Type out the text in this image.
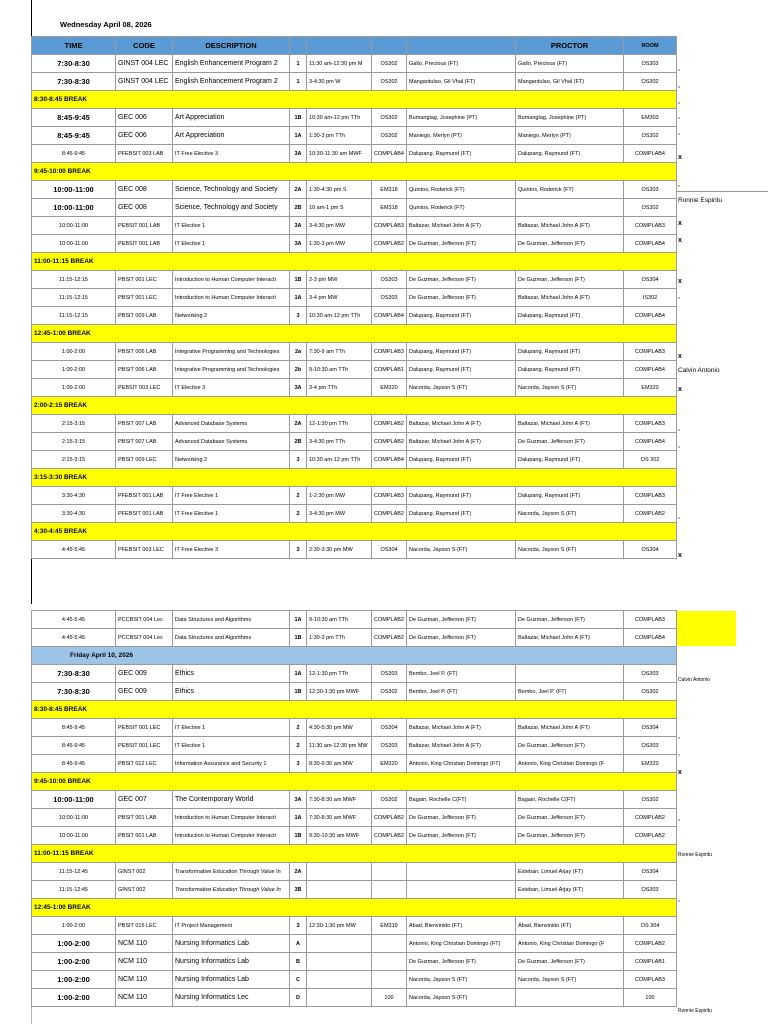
Wednesday April 08, 2026
TIME	CODE	DESCRIPTION					PROCTOR	ROOM
7:30-8:30	GINST 004 LEC	English Enhancement Program 2	1	11:30 am-12:30 pm M	OS302	Gallo, Precious (FT)	Gallo, Precious (FT)	OS303
7:30-8:30	GINST 004 LEC	English Enhancement Program 2	1	3-4:30 pm W	OS302	Mangantulao, Gil Vhal (FT)	Mangantulao, Gil Vhal (FT)	OS302
8:30-8:45 BREAK								
8:45-9:45	GEC 006	Art Appreciation	1B	10:30 am-12 pm TTh	OS302	Bumanglag, Josephine (PT)	Bumanglag, Josephine (PT)	EM303
8:45-9:45	GEC 006	Art Appreciation	1A	1:30-3 pm TTh	OS302	Maniego, Merlyn (PT)	Maniego, Merlyn (PT)	OS302
8:45-9:45	PFEBSIT 003 LAB	IT Free Elective 3	3A	10:30-11:30 am MWF	COMPLAB4	Dalupang, Raymund (FT)	Dalupang, Raymund (FT)	COMPLAB4
9:45-10:00 BREAK								
10:00-11:00	GEC 008	Science, Technology and Society	2A	1:30-4:30 pm S	EM318	Quintos, Roderick (FT)	Quintos, Roderick (FT)	OS303
10:00-11:00	GEC 008	Science, Technology and Society	2B	10 am-1 pm S	EM318	Quintos, Roderick (FT)		OS302
10:00-11:00	PEBSIT 001 LAB	IT Elective 1	3A	3-4:30 pm MW	COMPLAB3	Baltazar, Michael John A (FT)	Baltazar, Michael John A (FT)	COMPLAB3
10:00-11:00	PEBSIT 001 LAB	IT Elective 1	3A	1:30-3 pm MW	COMPLAB2	De Guzman, Jefferson (FT)	De Guzman, Jefferson (FT)	COMPLAB4
11:00-11:15 BREAK								
11:15-12:15	PBSIT 001 LEC	Introduction to Human Computer Interacti	1B	2-3 pm MW	OS303	De Guzman, Jefferson (FT)	De Guzman, Jefferson (FT)	OS304
11:15-12:15	PBSIT 001 LEC	Introduction to Human Computer Interacti	1A	3-4 pm MW	OS303	De Guzman, Jefferson (FT)	Baltazar, Michael John A (FT)	IS302
11:15-12:15	PBSIT 009 LAB	Networking 2	3	10:30 am-12 pm TTh	COMPLAB4	Dalupang, Raymund (FT)	Dalupang, Raymund (FT)	COMPLAB4
12:45-1:00 BREAK								
1:00-2:00	PBSIT 006 LAB	Integrative Programming and Technologies	2a	7:30-9 am TTh	COMPLAB3	Dalupang, Raymund (FT)	Dalupang, Raymund (FT)	COMPLAB3
1:00-2:00	PBSIT 006 LAB	Integrative Programming and Technologies	2b	9-10:30 am TTh	COMPLAB1	Dalupang, Raymund (FT)	Dalupang, Raymund (FT)	COMPLAB4
1:00-2:00	PEBSIT 003 LEC	IT Elective 3	3A	3-4 pm TTh	EM320	Nacorda, Jayson S (FT)	Nacorda, Jayson S (FT)	EM320
2:00-2:15 BREAK								
2:15-3:15	PBSIT 007 LAB	Advanced Database Systems	2A	12-1:30 pm TTh	COMPLAB2	Baltazar, Michael John A (FT)	Baltazar, Michael John A (FT)	COMPLAB3
2:15-3:15	PBSIT 007 LAB	Advanced Database Systems	2B	3-4:30 pm TTh	COMPLAB2	Baltazar, Michael John A (FT)	De Guzman, Jefferson (FT)	COMPLAB4
2:15-3:15	PBSIT 009 LEC	Networking 2	3	10:30 am-12 pm TTh	COMPLAB4	Dalupang, Raymund (FT)	Dalupang, Raymund (FT)	OS 302
3:15-3:30 BREAK								
3:30-4:30	PFEBSIT 001 LAB	IT Free Elective 1	2	1-2:30 pm MW	COMPLAB3	Dalupang, Raymund (FT)	Dalupang, Raymund (FT)	COMPLAB3
3:30-4:30	PFEBSIT 001 LAB	IT Free Elective 1	2	3-4:30 pm MW	COMPLAB2	Dalupang, Raymund (FT)	Nacorda, Jayson S (FT)	COMPLAB2
4:30-4:45 BREAK								
4:45-5:45	PFEBSIT 003 LEC	IT Free Elective 3	3	2:30-3:30 pm MW	OS304	Nacorda, Jayson S (FT)	Nacorda, Jayson S (FT)	OS304
4:45-5:45	PCCBSIT 004 Lec	Data Structures and Algorithms	1A	9-10:30 am TTh	COMPLAB2	De Guzman, Jefferson (FT)	De Guzman, Jefferson (FT)	COMPLAB3
4:45-5:45	PCCBSIT 004 Lec	Data Structures and Algorithms	1B	1:30-3 pm TTh	COMPLAB2	De Guzman, Jefferson (FT)	Baltazar, Michael John A (FT)	COMPLAB4
Friday April 10, 2026								
7:30-8:30	GEC 009	Ethics	1A	12-1:30 pm TTh	OS303	Bembo, Joel P. (FT)		OS303
7:30-8:30	GEC 009	Ethics	1B	12:30-1:30 pm MWF	OS302	Bembo, Joel P. (FT)	Bembo, Joel P. (FT)	OS302
8:30-8:45 BREAK								
8:45-9:45	PEBSIT 001 LEC	IT Elective 1	2	4:30-5:30 pm MW	OS304	Baltazar, Michael John A (FT)	Baltazar, Michael John A (FT)	OS304
8:45-9:45	PEBSIT 001 LEC	IT Elective 1	2	11:30 am-12:30 pm MW	OS303	Baltazar, Michael John A (FT)	De Guzman, Jefferson (FT)	OS303
8:45-9:45	PBSIT 012 LEC	Information Assurance and Security 1	3	8:30-9:30 am MW	EM320	Antonio, King Christian Domingo (FT)	Antonio, King Christian Domingo (F	EM320
9:45-10:00 BREAK								
10:00-11:00	GEC 007	The Contemporary World	3A	7:30-8:30 am MWF	OS302	Bagain, Rochelle C(FT)	Bagain, Rochelle C(FT)	OS302
10:00-11:00	PBSIT 001 LAB	Introduction to Human Computer Interacti	1A	7:30-8:30 am MWF	COMPLAB2	De Guzman, Jefferson (FT)	De Guzman, Jefferson (FT)	COMPLAB2
10:00-11:00	PBSIT 001 LAB	Introduction to Human Computer Interacti	1B	9:30-10:30 am MWF	COMPLAB2	De Guzman, Jefferson (FT)	De Guzman, Jefferson (FT)	COMPLAB2
11:00-11:15 BREAK								
11:15-12:45	GINST 002	Transformative Education Through Value In	2A				Esteban, Limuel Arjay (FT)	OS304
11:15-12:45	GINST 002	Transformative Education Through Value In	3B				Esteban, Limuel Arjay (FT)	OS303
12:45-1:00 BREAK								
1:00-2:00	PBSIT 016 LEC	IT Project Management	3	12:30-1:30 pm MW	EM319	Abad, Bienvinido (FT)	Abad, Bienvinido (FT)	OS 304
1:00-2:00	NCM 110	Nursing Informatics Lab	A			Antonio, King Christian Domingo (FT)	Antonio, King Christian Domingo (F	COMPLAB2
1:00-2:00	NCM 110	Nursing Informatics Lab	B			De Guzman, Jefferson (FT)	De Guzman, Jefferson (FT)	COMPLAB1
1:00-2:00	NCM 110	Nursing Informatics Lab	C			Nacorda, Jayson S (FT)	Nacorda, Jayson S (FT)	COMPLAB3
1:00-2:00	NCM 110	Nursing Informatics Lec	D		100	Nacorda, Jayson S (FT)		100
Ronnie Espiritu
Calvin Antonio
Calvin Antonio
Ronnie Espiritu
Ronnie Espiritu
x
x
x
x
x
x
x
x
x
x
x
x
x
x
x
x
x
x
x
x
x
x
